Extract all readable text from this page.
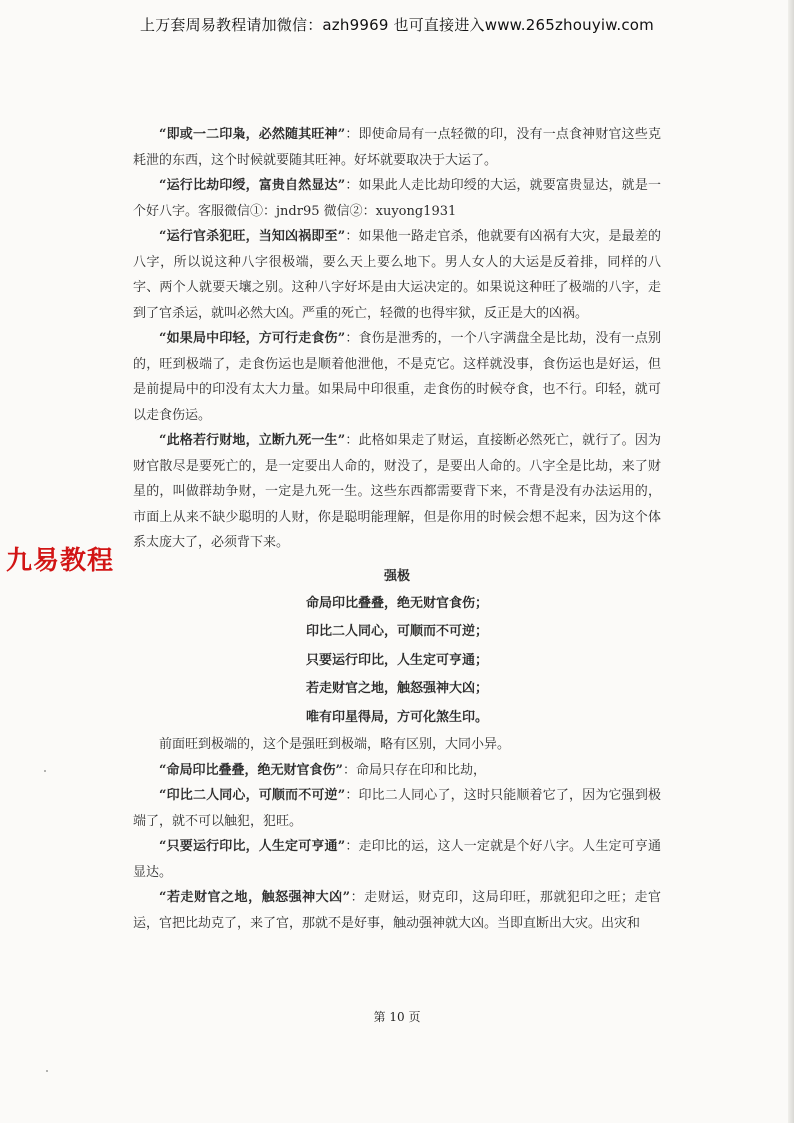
上万套周易教程请加微信：azh9969 也可直接进入www.265zhouyiw.com

“即或一二印枭，必然随其旺神”：即使命局有一点轻微的印，没有一点食神财官这些克耗泄的东西，这个时候就要随其旺神。好坏就要取决于大运了。

“运行比劫印绶，富贵自然显达”：如果此人走比劫印绶的大运，就要富贵显达，就是一个好八字。客服微信①：jndr95 微信②：xuyong1931

“运行官杀犯旺，当知凶祸即至”：如果他一路走官杀，他就要有凶祸有大灾，是最差的八字，所以说这种八字很极端，要么天上要么地下。男人女人的大运是反着排，同样的八字、两个人就要天壤之别。这种八字好坏是由大运决定的。如果说这种旺了极端的八字，走到了官杀运，就叫必然大凶。严重的死亡，轻微的也得牢狱，反正是大的凶祸。

“如果局中印轻，方可行走食伤”：食伤是泄秀的，一个八字满盘全是比劫，没有一点别的，旺到极端了，走食伤运也是顺着他泄他，不是克它。这样就没事，食伤运也是好运，但是前提局中的印没有太大力量。如果局中印很重，走食伤的时候夺食，也不行。印轻，就可以走食伤运。

“此格若行财地，立断九死一生”：此格如果走了财运，直接断必然死亡，就行了。因为财官散尽是要死亡的，是一定要出人命的，财没了，是要出人命的。八字全是比劫，来了财星的，叫做群劫争财，一定是九死一生。这些东西都需要背下来，不背是没有办法运用的，市面上从来不缺少聪明的人财，你是聪明能理解，但是你用的时候会想不起来，因为这个体系太庞大了，必须背下来。

强极
命局印比叠叠，绝无财官食伤；
印比二人同心，可顺而不可逆；
只要运行印比，人生定可亨通；
若走财官之地，触怒强神大凶；
唯有印星得局，方可化煞生印。

前面旺到极端的，这个是强旺到极端，略有区别，大同小异。

“命局印比叠叠，绝无财官食伤”：命局只存在印和比劫，

“印比二人同心，可顺而不可逆”：印比二人同心了，这时只能顺着它了，因为它强到极端了，就不可以触犯，犯旺。

“只要运行印比，人生定可亨通”：走印比的运，这人一定就是个好八字。人生定可亨通显达。

“若走财官之地，触怒强神大凶”：走财运，财克印，这局印旺，那就犯印之旺；走官运，官把比劫克了，来了官，那就不是好事，触动强神就大凶。当即直断出大灾。出灾和

九易教程
第 10 页
